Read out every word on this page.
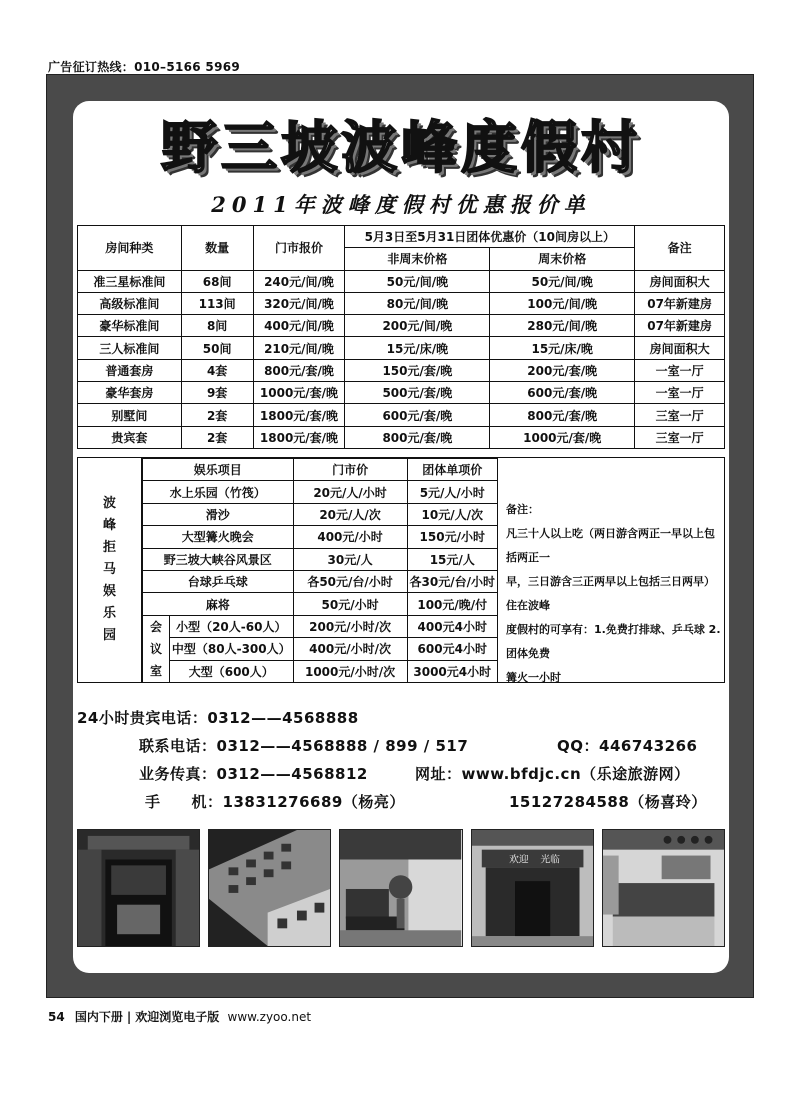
广告征订热线：010–5166 5969
野三坡波峰度假村
2011年波峰度假村优惠报价单
房间种类	数量	门市报价	5月3日至5月31日团体优惠价（10间房以上）		备注
			非周末价格	周末价格	
准三星标准间	68间	240元/间/晚	50元/间/晚	50元/间/晚	房间面积大
高级标准间	113间	320元/间/晚	80元/间/晚	100元/间/晚	07年新建房
豪华标准间	8间	400元/间/晚	200元/间/晚	280元/间/晚	07年新建房
三人标准间	50间	210元/间/晚	15元/床/晚	15元/床/晚	房间面积大
普通套房	4套	800元/套/晚	150元/套/晚	200元/套/晚	一室一厅
豪华套房	9套	1000元/套/晚	500元/套/晚	600元/套/晚	一室一厅
别墅间	2套	1800元/套/晚	600元/套/晚	800元/套/晚	三室一厅
贵宾套	2套	1800元/套/晚	800元/套/晚	1000元/套/晚	三室一厅
波
峰
拒
马
娱
乐
园
娱乐项目		门市价	团体单项价
水上乐园（竹筏）		20元/人/小时	5元/人/小时
滑沙		20元/人/次	10元/人/次
大型篝火晚会		400元/小时	150元/小时
野三坡大峡谷风景区		30元/人	15元/人
台球乒乓球		各50元/台/小时	各30元/台/小时
麻将		50元/小时	100元/晚/付
会
议
室	小型（20人-60人）	200元/小时/次	400元4小时
	中型（80人-300人）	400元/小时/次	600元4小时
	大型（600人）	1000元/小时/次	3000元4小时
备注：
凡三十人以上吃（两日游含两正一早以上包括两正一
早，三日游含三正两早以上包括三日两早）住在波峰
度假村的可享有：1.免费打排球、乒乓球 2.团体免费
篝火一小时
24小时贵宾电话：0312——4568888
联系电话：0312——4568888 / 899 / 517	QQ：446743266
业务传真：0312——4568812	网址：www.bfdjc.cn（乐途旅游网）
手　　机：13831276689（杨亮）	15127284588（杨喜玲）
欢迎 光临
54 国内下册 | 欢迎浏览电子版 www.zyoo.net
